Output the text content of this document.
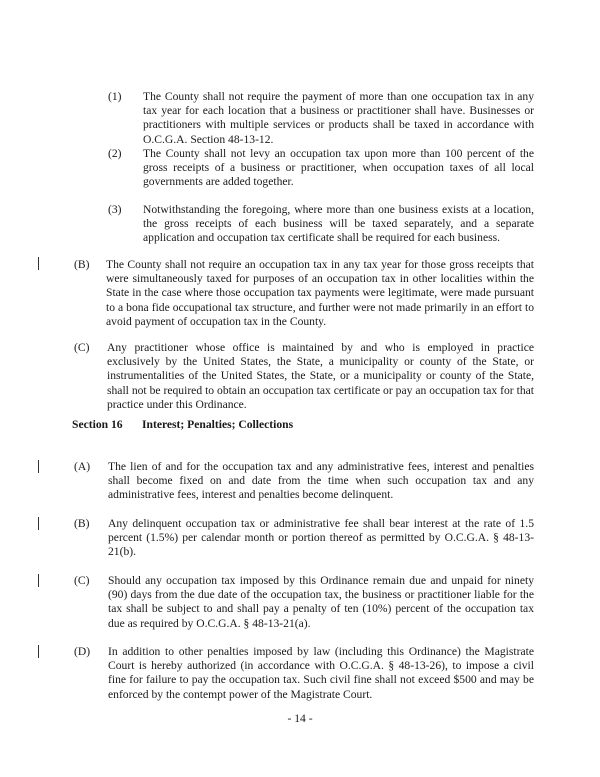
(1) The County shall not require the payment of more than one occupation tax in any tax year for each location that a business or practitioner shall have. Businesses or practitioners with multiple services or products shall be taxed in accordance with O.C.G.A. Section 48-13-12.
(2) The County shall not levy an occupation tax upon more than 100 percent of the gross receipts of a business or practitioner, when occupation taxes of all local governments are added together.
(3) Notwithstanding the foregoing, where more than one business exists at a location, the gross receipts of each business will be taxed separately, and a separate application and occupation tax certificate shall be required for each business.
(B) The County shall not require an occupation tax in any tax year for those gross receipts that were simultaneously taxed for purposes of an occupation tax in other localities within the State in the case where those occupation tax payments were legitimate, were made pursuant to a bona fide occupational tax structure, and further were not made primarily in an effort to avoid payment of occupation tax in the County.
(C) Any practitioner whose office is maintained by and who is employed in practice exclusively by the United States, the State, a municipality or county of the State, or instrumentalities of the United States, the State, or a municipality or county of the State, shall not be required to obtain an occupation tax certificate or pay an occupation tax for that practice under this Ordinance.
Section 16 Interest; Penalties; Collections
(A) The lien of and for the occupation tax and any administrative fees, interest and penalties shall become fixed on and date from the time when such occupation tax and any administrative fees, interest and penalties become delinquent.
(B) Any delinquent occupation tax or administrative fee shall bear interest at the rate of 1.5 percent (1.5%) per calendar month or portion thereof as permitted by O.C.G.A. § 48-13-21(b).
(C) Should any occupation tax imposed by this Ordinance remain due and unpaid for ninety (90) days from the due date of the occupation tax, the business or practitioner liable for the tax shall be subject to and shall pay a penalty of ten (10%) percent of the occupation tax due as required by O.C.G.A. § 48-13-21(a).
(D) In addition to other penalties imposed by law (including this Ordinance) the Magistrate Court is hereby authorized (in accordance with O.C.G.A. § 48-13-26), to impose a civil fine for failure to pay the occupation tax. Such civil fine shall not exceed $500 and may be enforced by the contempt power of the Magistrate Court.
- 14 -
